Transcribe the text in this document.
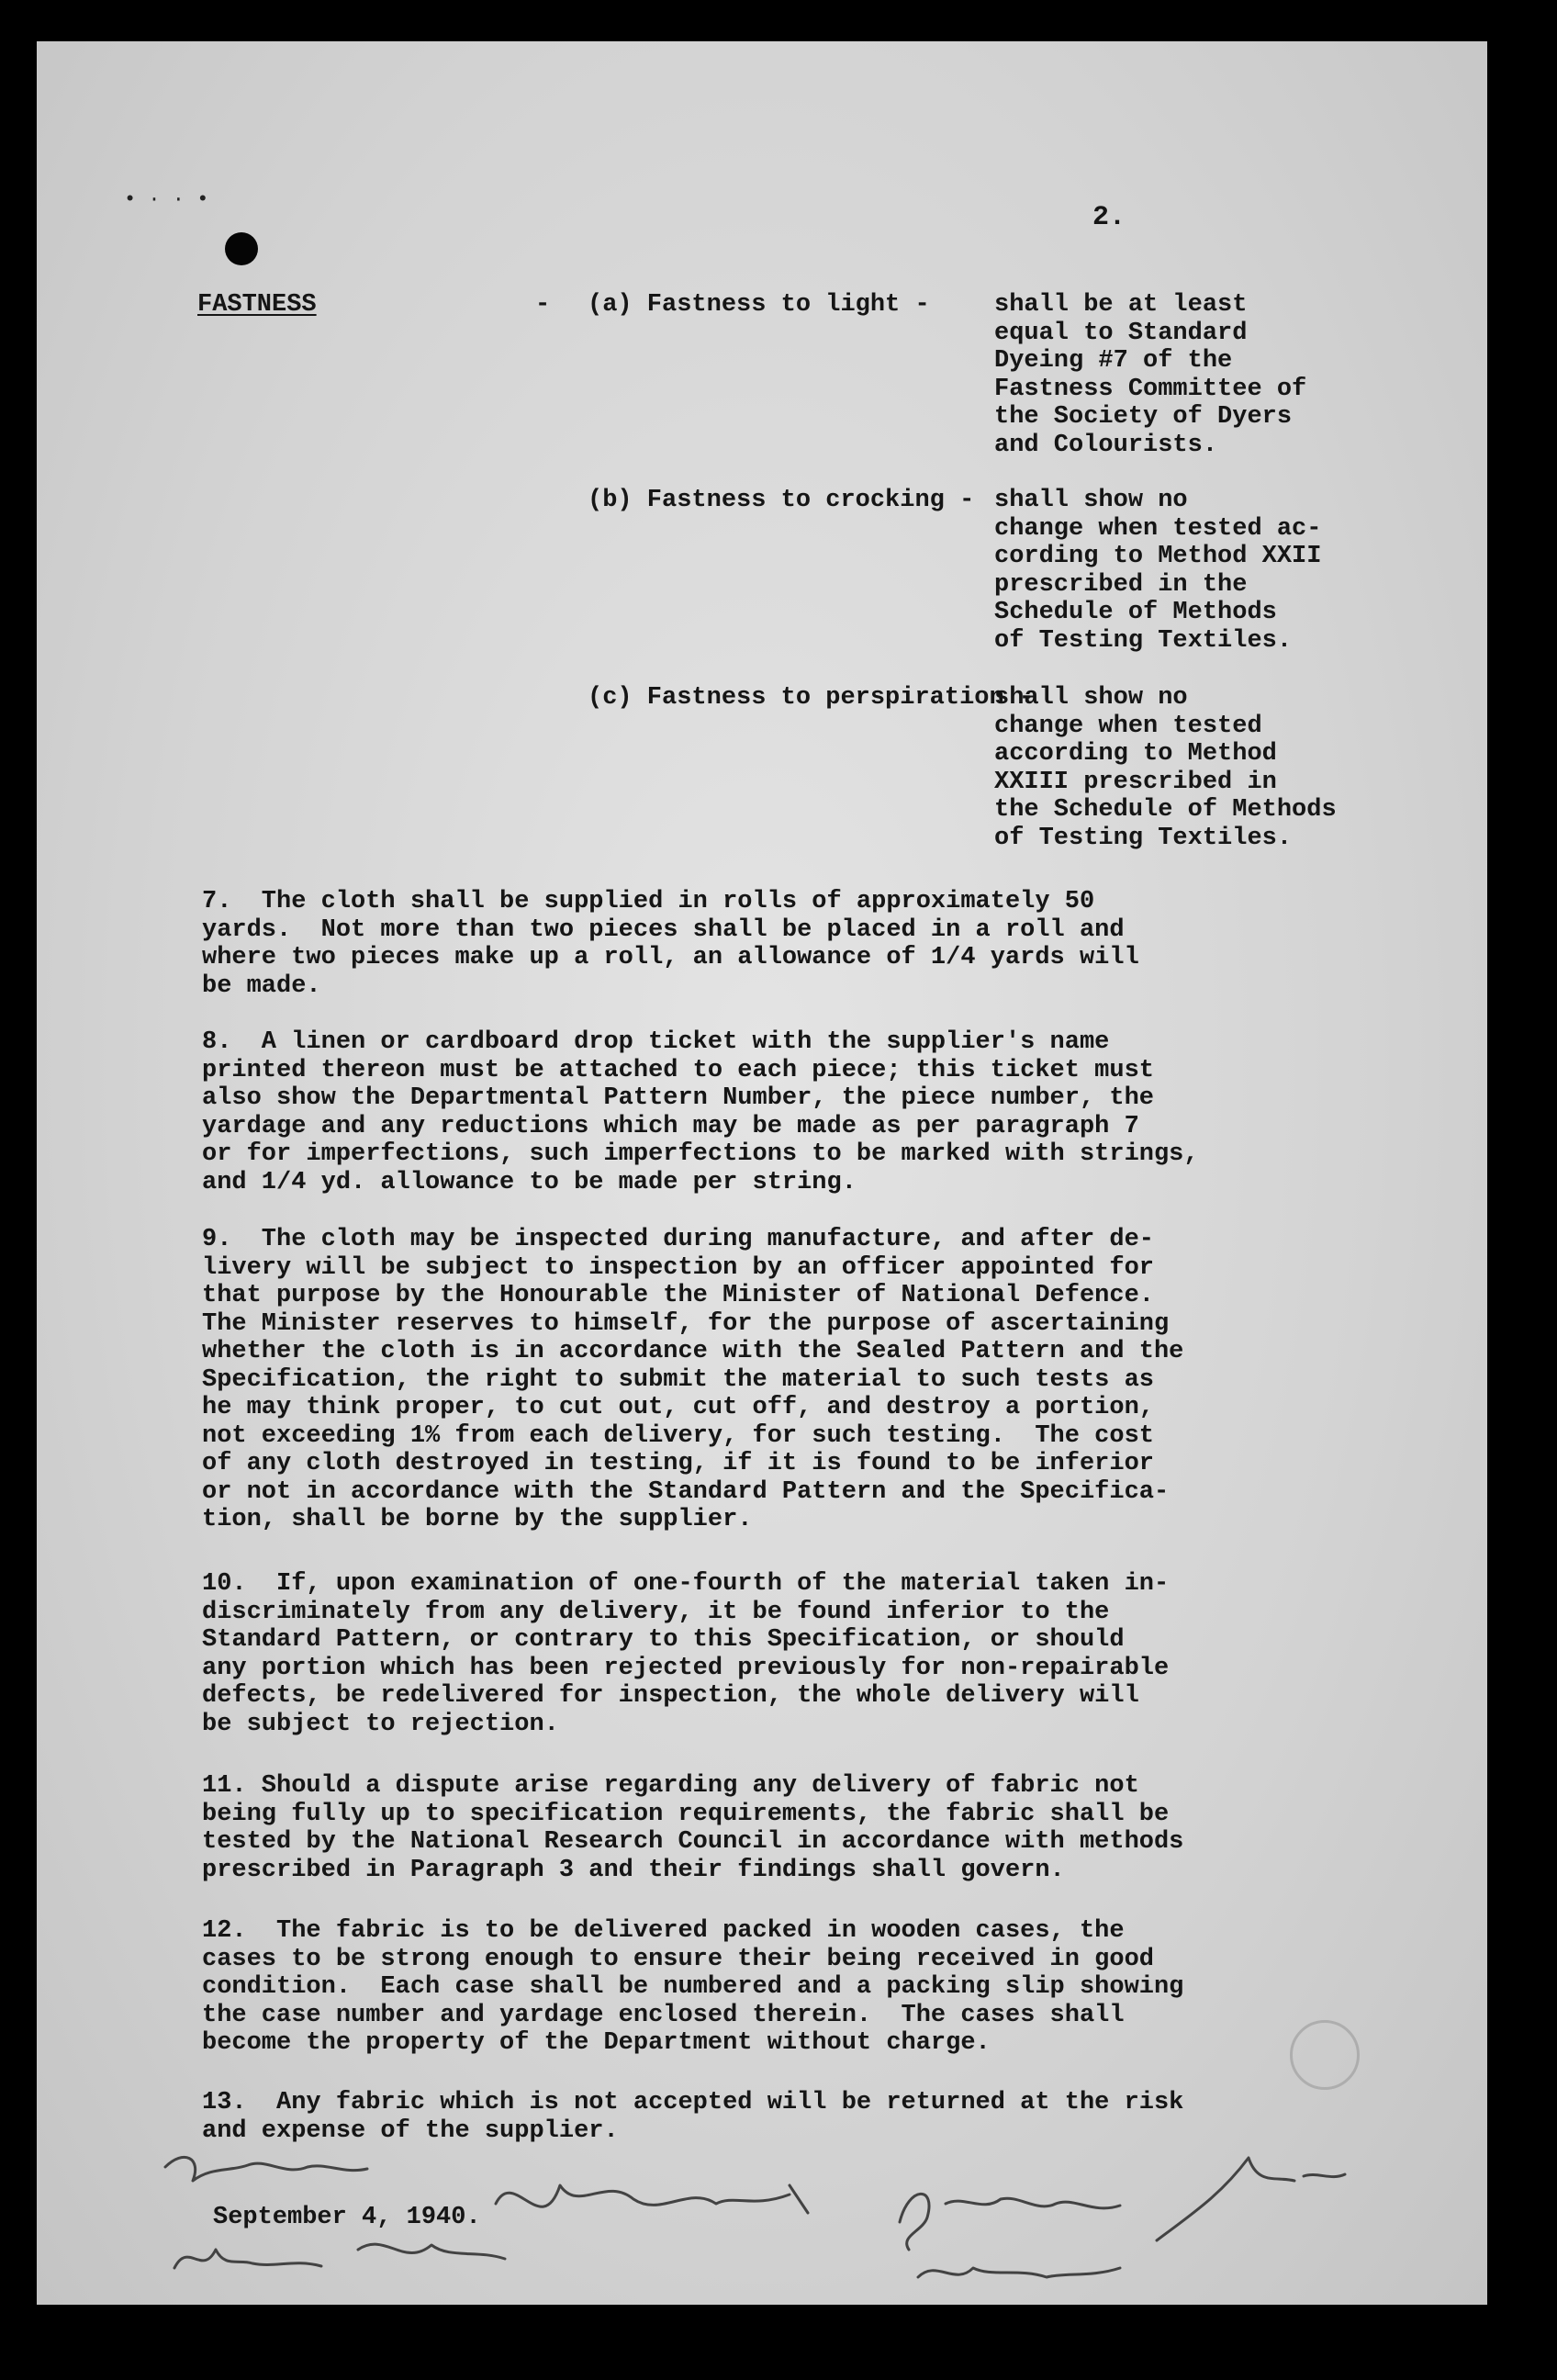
• · · •
2.
FASTNESS	- (a) Fastness to light -	shall be at least
equal to Standard
Dyeing #7 of the
Fastness Committee of
the Society of Dyers
and Colourists.
(b) Fastness to crocking - shall show no
change when tested ac-
cording to Method XXII
prescribed in the
Schedule of Methods
of Testing Textiles.
(c) Fastness to perspiration -
shall show no
change when tested
according to Method
XXIII prescribed in
the Schedule of Methods
of Testing Textiles.
7.  The cloth shall be supplied in rolls of approximately 50
yards.  Not more than two pieces shall be placed in a roll and
where two pieces make up a roll, an allowance of 1/4 yards will
be made.
8.  A linen or cardboard drop ticket with the supplier's name
printed thereon must be attached to each piece; this ticket must
also show the Departmental Pattern Number, the piece number, the
yardage and any reductions which may be made as per paragraph 7
or for imperfections, such imperfections to be marked with strings,
and 1/4 yd. allowance to be made per string.
9.  The cloth may be inspected during manufacture, and after de-
livery will be subject to inspection by an officer appointed for
that purpose by the Honourable the Minister of National Defence.
The Minister reserves to himself, for the purpose of ascertaining
whether the cloth is in accordance with the Sealed Pattern and the
Specification, the right to submit the material to such tests as
he may think proper, to cut out, cut off, and destroy a portion,
not exceeding 1% from each delivery, for such testing.  The cost
of any cloth destroyed in testing, if it is found to be inferior
or not in accordance with the Standard Pattern and the Specifica-
tion, shall be borne by the supplier.
10.  If, upon examination of one-fourth of the material taken in-
discriminately from any delivery, it be found inferior to the
Standard Pattern, or contrary to this Specification, or should
any portion which has been rejected previously for non-repairable
defects, be redelivered for inspection, the whole delivery will
be subject to rejection.
11. Should a dispute arise regarding any delivery of fabric not
being fully up to specification requirements, the fabric shall be
tested by the National Research Council in accordance with methods
prescribed in Paragraph 3 and their findings shall govern.
12.  The fabric is to be delivered packed in wooden cases, the
cases to be strong enough to ensure their being received in good
condition.  Each case shall be numbered and a packing slip showing
the case number and yardage enclosed therein.  The cases shall
become the property of the Department without charge.
13.  Any fabric which is not accepted will be returned at the risk
and expense of the supplier.
September 4, 1940.
